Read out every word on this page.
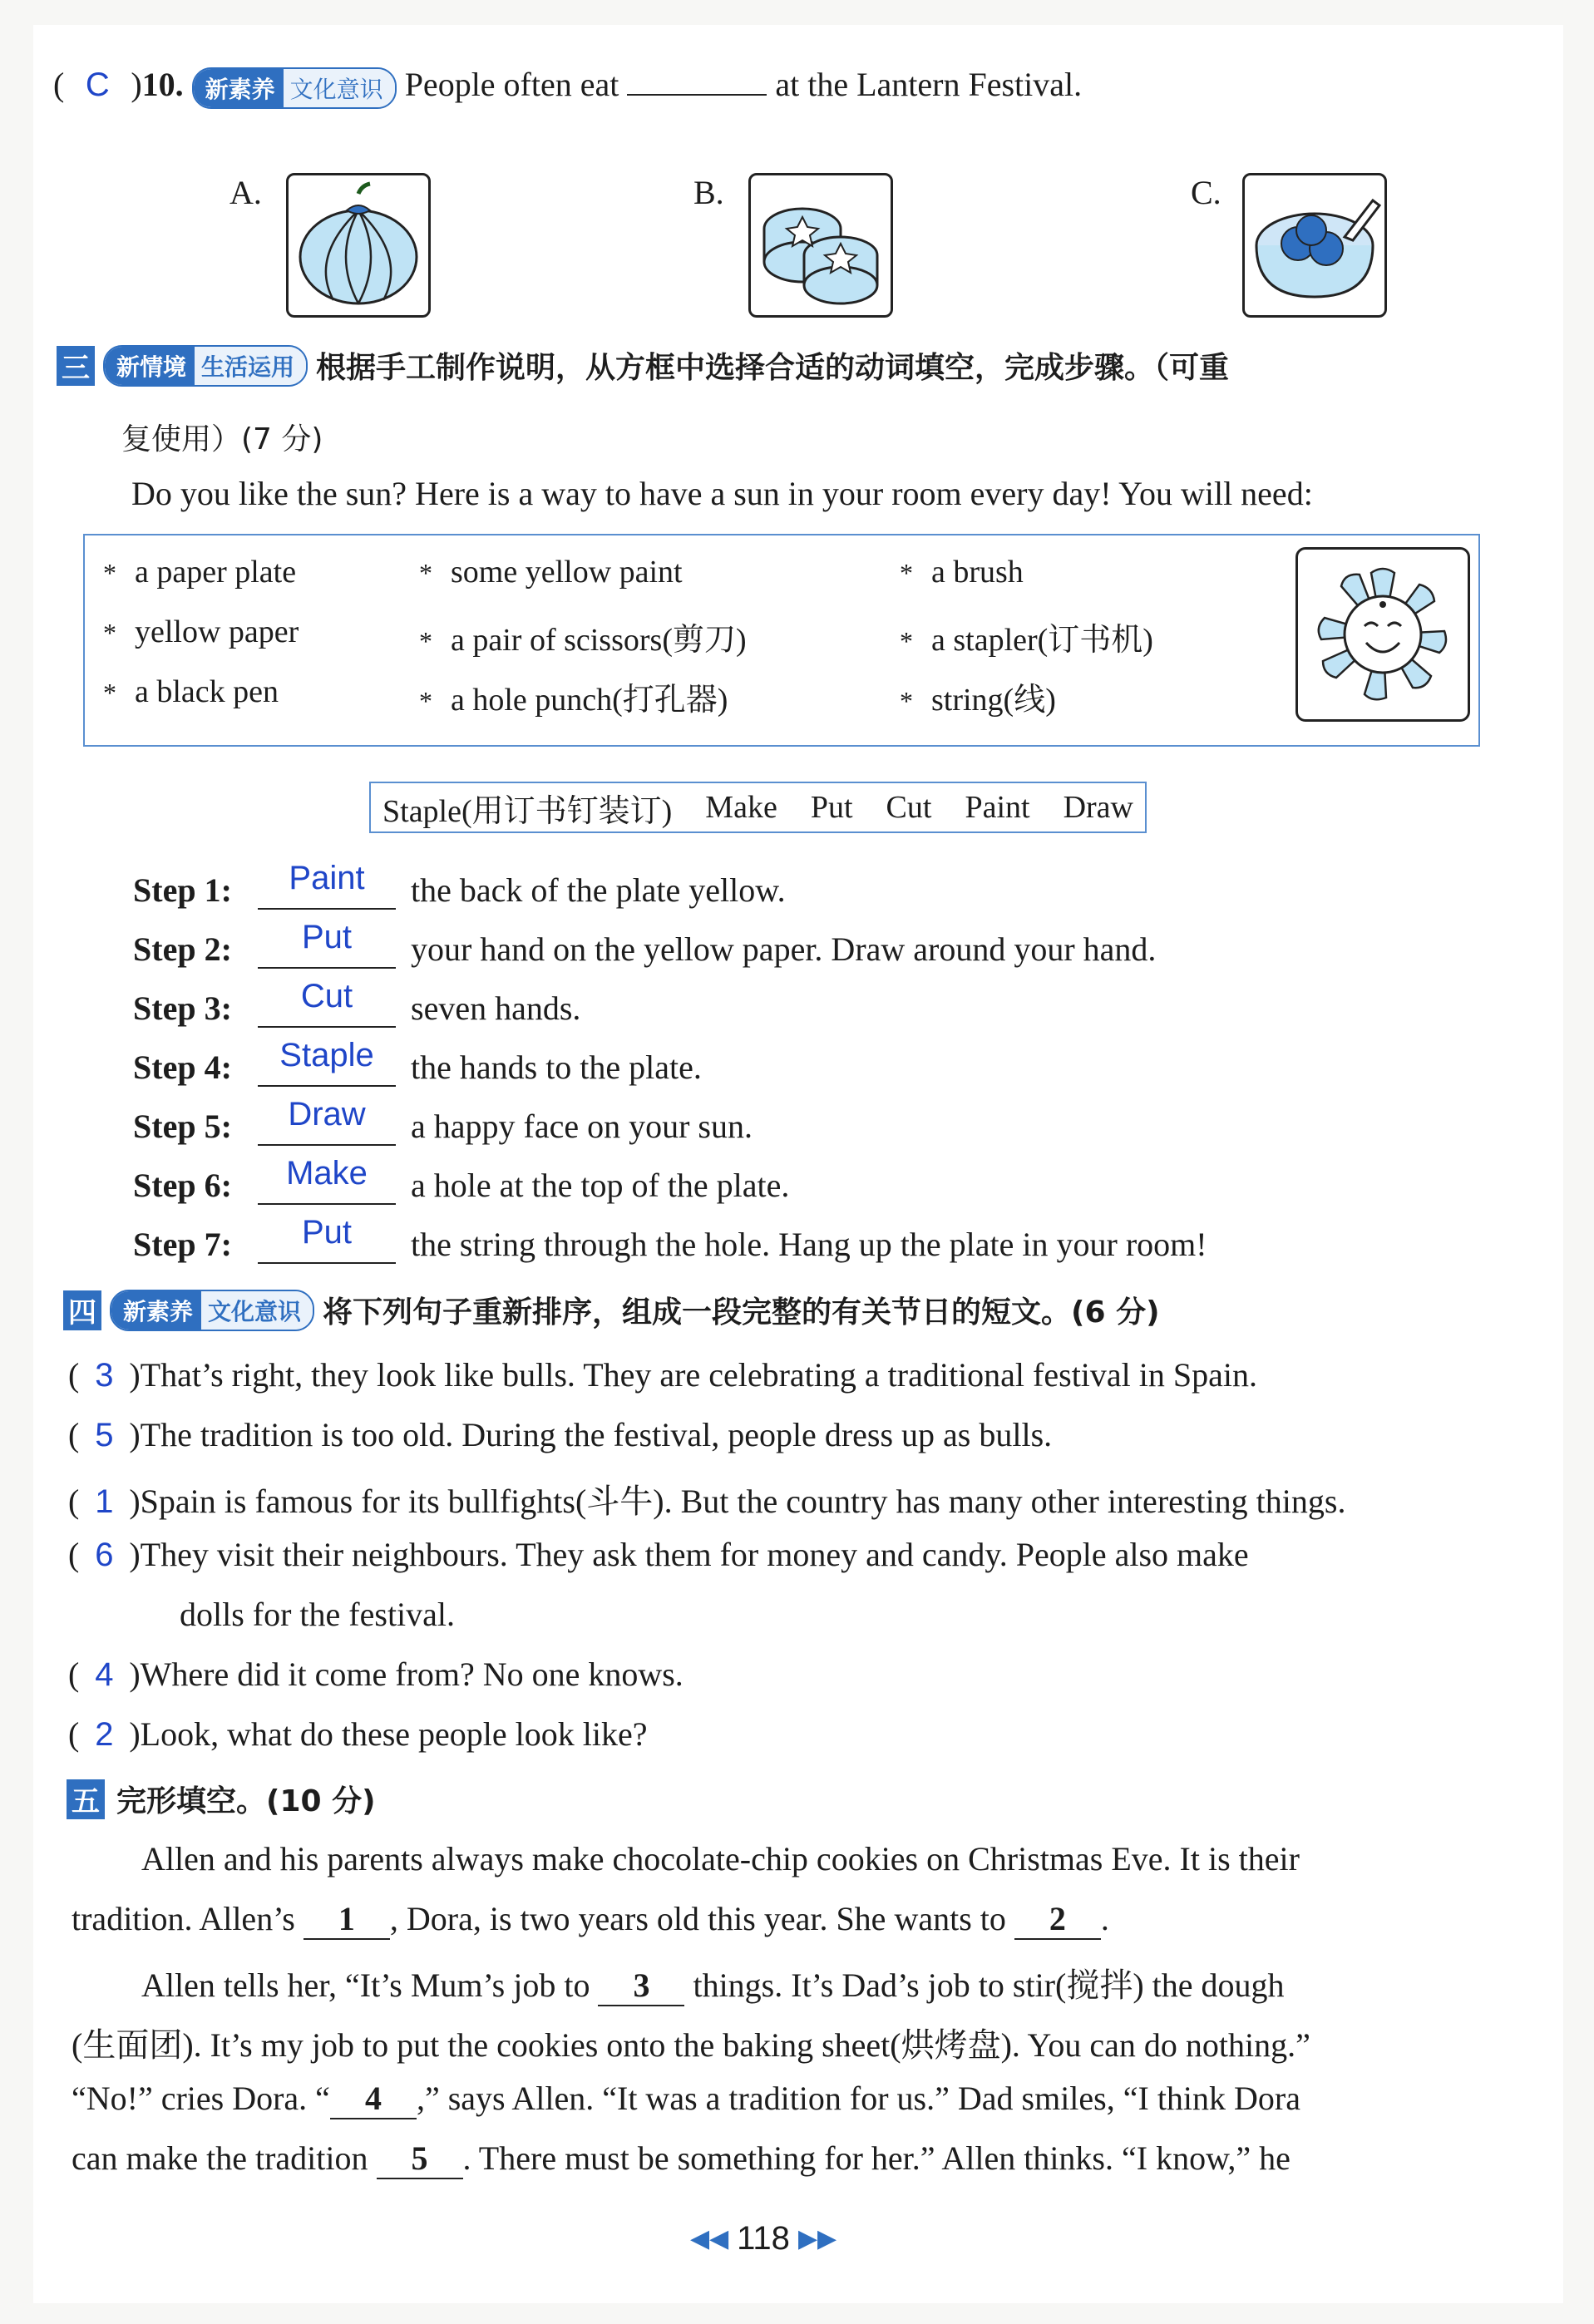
( C )10. 新素养 文化意识 People often eat	at the Lantern Festival.
A.	B.	C.
三	新情境 生活运用 根据手工制作说明，从方框中选择合适的动词填空，完成步骤。（可重
复使用）(7 分)
Do you like the sun? Here is a way to have a sun in your room every day! You will need:
* a paper plate	* some yellow paint	* a brush
* yellow paper	* a pair of scissors(剪刀)	* a stapler(订书机)
* a black pen	* a hole punch(打孔器)	* string(线)
Staple(用订书钉装订) Make Put Cut Paint Draw
Step 1:	Paint	the back of the plate yellow.
Step 2:	Put	your hand on the yellow paper. Draw around your hand.
Step 3:	Cut	seven hands.
Step 4:	Staple	the hands to the plate.
Step 5:	Draw	a happy face on your sun.
Step 6:	Make	a hole at the top of the plate.
Step 7:	Put	the string through the hole. Hang up the plate in your room!
四	新素养 文化意识 将下列句子重新排序，组成一段完整的有关节日的短文。(6 分)
( 3 )That’s right, they look like bulls. They are celebrating a traditional festival in Spain.
( 5 )The tradition is too old. During the festival, people dress up as bulls.
( 1 )Spain is famous for its bullfights(斗牛). But the country has many other interesting things.
( 6 )They visit their neighbours. They ask them for money and candy. People also make
dolls for the festival.
( 4 )Where did it come from? No one knows.
( 2 )Look, what do these people look like?
五 完形填空。(10 分)
Allen and his parents always make chocolate-chip cookies on Christmas Eve. It is their
tradition. Allen’s 1 , Dora, is two years old this year. She wants to 2 .
Allen tells her, “It’s Mum’s job to 3 things. It’s Dad’s job to stir(搅拌) the dough
(生面团). It’s my job to put the cookies onto the baking sheet(烘烤盘). You can do nothing.”
“No!” cries Dora. “ 4 ,” says Allen. “It was a tradition for us.” Dad smiles, “I think Dora
can make the tradition 5 . There must be something for her.” Allen thinks. “I know,” he
◀◀ 118 ▶▶
